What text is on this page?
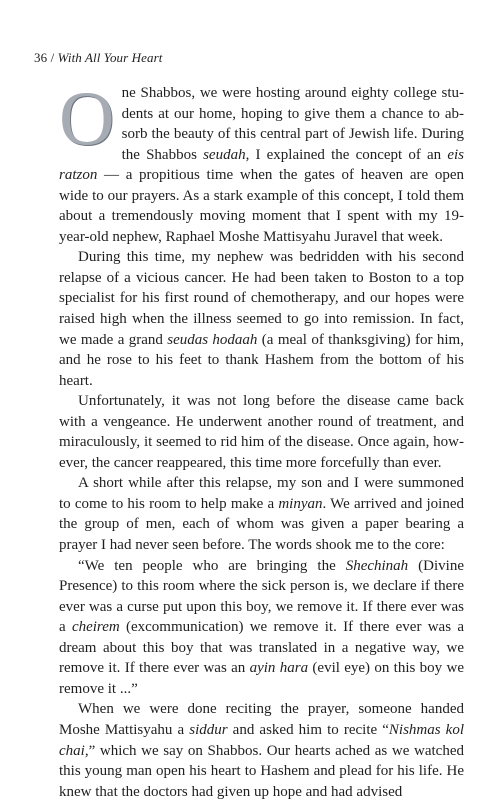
36 / With All Your Heart

One Shabbos, we were hosting around eighty college students at our home, hoping to give them a chance to absorb the beauty of this central part of Jewish life. During the Shabbos seudah, I explained the concept of an eis ratzon — a propitious time when the gates of heaven are open wide to our prayers. As a stark example of this concept, I told them about a tremendously moving moment that I spent with my 19-year-old nephew, Raphael Moshe Mattisyahu Juravel that week.

During this time, my nephew was bedridden with his second relapse of a vicious cancer. He had been taken to Boston to a top specialist for his first round of chemotherapy, and our hopes were raised high when the illness seemed to go into remission. In fact, we made a grand seudas hodaah (a meal of thanksgiving) for him, and he rose to his feet to thank Hashem from the bottom of his heart.

Unfortunately, it was not long before the disease came back with a vengeance. He underwent another round of treatment, and miraculously, it seemed to rid him of the disease. Once again, however, the cancer reappeared, this time more forcefully than ever.

A short while after this relapse, my son and I were summoned to come to his room to help make a minyan. We arrived and joined the group of men, each of whom was given a paper bearing a prayer I had never seen before. The words shook me to the core:

“We ten people who are bringing the Shechinah (Divine Presence) to this room where the sick person is, we declare if there ever was a curse put upon this boy, we remove it. If there ever was a cheirem (excommunication) we remove it. If there ever was a dream about this boy that was translated in a negative way, we remove it. If there ever was an ayin hara (evil eye) on this boy we remove it ...”

When we were done reciting the prayer, someone handed Moshe Mattisyahu a siddur and asked him to recite “Nishmas kol chai,” which we say on Shabbos. Our hearts ached as we watched this young man open his heart to Hashem and plead for his life. He knew that the doctors had given up hope and had advised
